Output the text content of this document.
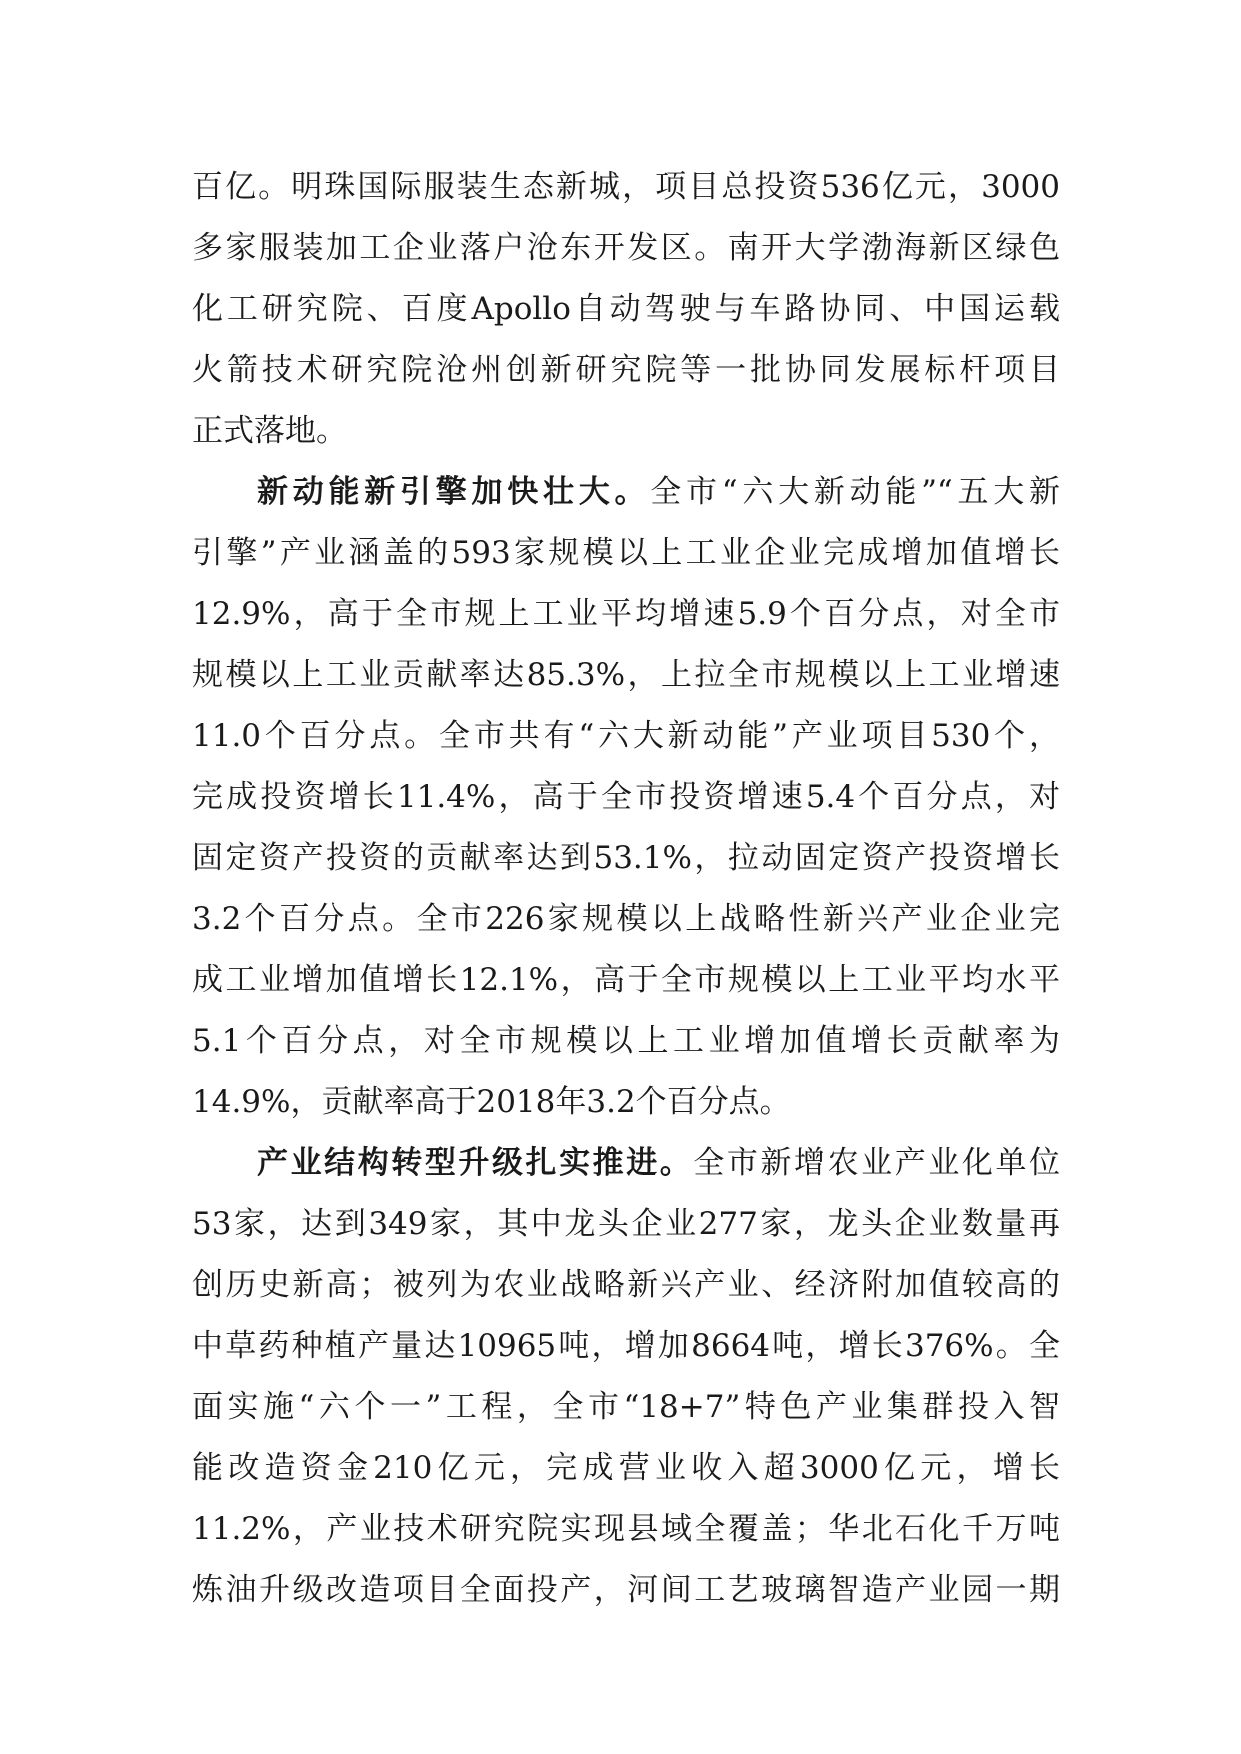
百亿。明珠国际服装生态新城，项目总投资536亿元，3000
多家服装加工企业落户沧东开发区。南开大学渤海新区绿色
化工研究院、百度Apollo自动驾驶与车路协同、中国运载
火箭技术研究院沧州创新研究院等一批协同发展标杆项目
正式落地。
新动能新引擎加快壮大。全市“六大新动能”“五大新
引擎”产业涵盖的593家规模以上工业企业完成增加值增长
12.9%，高于全市规上工业平均增速5.9个百分点，对全市
规模以上工业贡献率达85.3%，上拉全市规模以上工业增速
11.0个百分点。全市共有“六大新动能”产业项目530个，
完成投资增长11.4%，高于全市投资增速5.4个百分点，对
固定资产投资的贡献率达到53.1%，拉动固定资产投资增长
3.2个百分点。全市226家规模以上战略性新兴产业企业完
成工业增加值增长12.1%，高于全市规模以上工业平均水平
5.1个百分点，对全市规模以上工业增加值增长贡献率为
14.9%，贡献率高于2018年3.2个百分点。
产业结构转型升级扎实推进。全市新增农业产业化单位
53家，达到349家，其中龙头企业277家，龙头企业数量再
创历史新高；被列为农业战略新兴产业、经济附加值较高的
中草药种植产量达10965吨，增加8664吨，增长376%。全
面实施“六个一”工程，全市“18+7”特色产业集群投入智
能改造资金210亿元，完成营业收入超3000亿元，增长
11.2%，产业技术研究院实现县域全覆盖；华北石化千万吨
炼油升级改造项目全面投产，河间工艺玻璃智造产业园一期
